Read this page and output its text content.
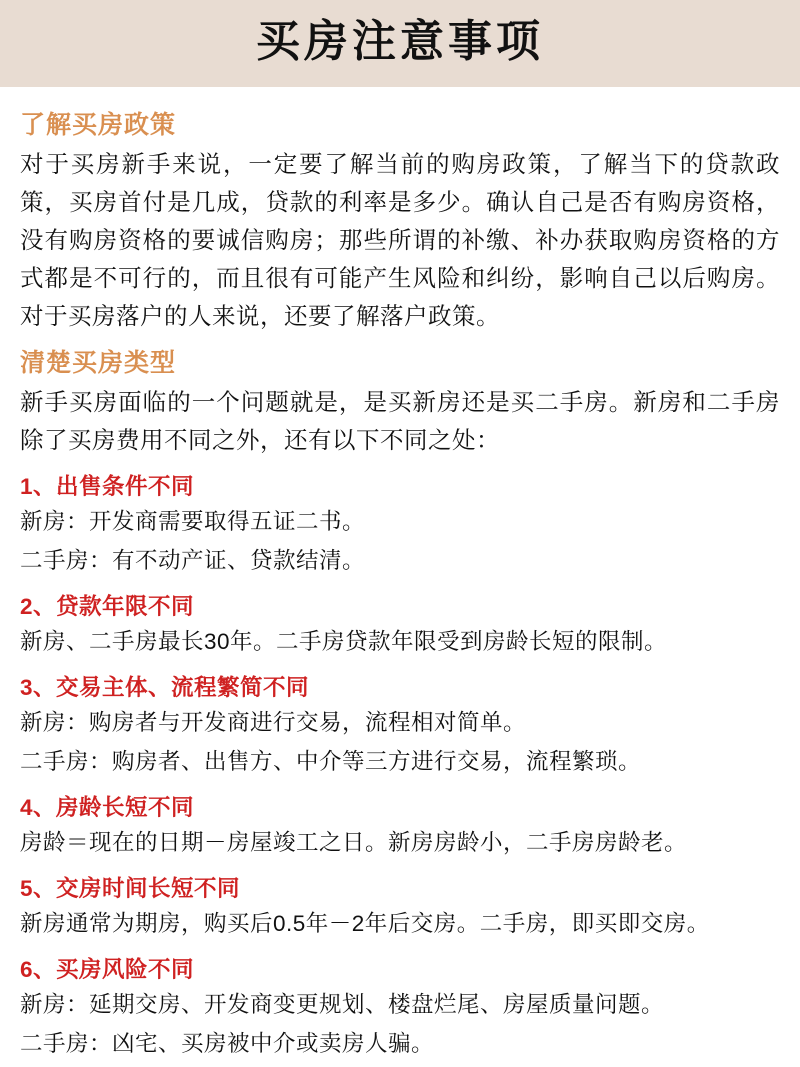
买房注意事项
了解买房政策
对于买房新手来说，一定要了解当前的购房政策，了解当下的贷款政策，买房首付是几成，贷款的利率是多少。确认自己是否有购房资格，没有购房资格的要诚信购房；那些所谓的补缴、补办获取购房资格的方式都是不可行的，而且很有可能产生风险和纠纷，影响自己以后购房。对于买房落户的人来说，还要了解落户政策。
清楚买房类型
新手买房面临的一个问题就是，是买新房还是买二手房。新房和二手房除了买房费用不同之外，还有以下不同之处：
1、出售条件不同
新房：开发商需要取得五证二书。
二手房：有不动产证、贷款结清。
2、贷款年限不同
新房、二手房最长30年。二手房贷款年限受到房龄长短的限制。
3、交易主体、流程繁简不同
新房：购房者与开发商进行交易，流程相对简单。
二手房：购房者、出售方、中介等三方进行交易，流程繁琐。
4、房龄长短不同
房龄＝现在的日期－房屋竣工之日。新房房龄小，二手房房龄老。
5、交房时间长短不同
新房通常为期房，购买后0.5年－2年后交房。二手房，即买即交房。
6、买房风险不同
新房：延期交房、开发商变更规划、楼盘烂尾、房屋质量问题。
二手房：凶宅、买房被中介或卖房人骗。
